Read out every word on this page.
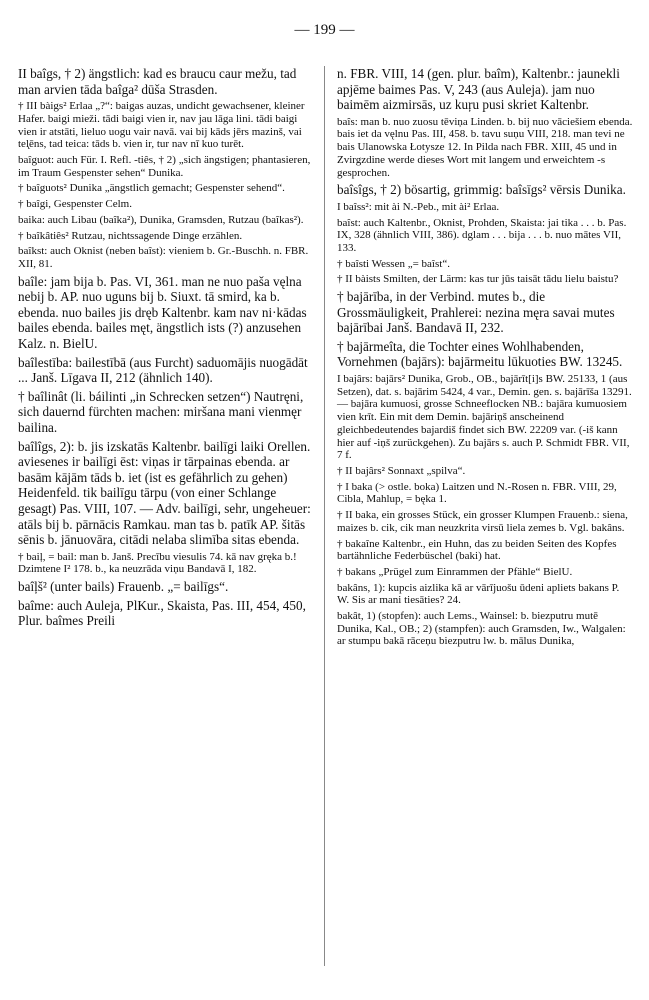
— 199 —

II baîgs, † 2) ängstlich: kad es braucu caur mežu, tad man arvien tāda baîga² dūša Strasden.

† III bàigs² Erlaa „?“: baigas auzas, undicht gewachsener, kleiner Hafer. baigi mieži. tādi baigi vien ir, nav jau lāga lini. tādi baigi vien ir atstāti, lieluo uogu vair navā. vai bij kāds jērs mazinš, vai tel̨ēns, tad teica: tāds b. vien ir, tur nav nī kuo turēt.

baîguot: auch Für. I. Refl. -tiês, † 2) „sich ängstigen; phantasieren, im Traum Gespenster sehen“ Dunika.

† baîguots² Dunika „ängstlich gemacht; Gespenster sehend“.

† baîgi, Gespenster Celm.

baika: auch Libau (baîka²), Dunika, Gramsden, Rutzau (baîkas²).

† baîkâtiês² Rutzau, nichtssagende Dinge erzählen.

baîkst: auch Oknist (neben baîst): vieniem b. Gr.-Buschh. n. FBR. XII, 81.

baîle: jam bija b. Pas. VI, 361. man ne nuo paša vęlna nebij b. AP. nuo uguns bij b. Siuxt. tā smird, ka b. ebenda. nuo bailes jis dręb Kaltenbr. kam nav ni·kādas bailes ebenda. bailes męt, ängstlich ists (?) anzusehen Kalz. n. BielU.

baîlestība: bailestībā (aus Furcht) saduomājis nuogādāt ... Janš. Līgava II, 212 (ähnlich 140).

† baîlinât (li. báilinti „in Schrecken setzen“) Nautręni, sich dauernd fürchten machen: miršana mani vienmęr bailina.

baîlîgs, 2): b. jis izskatās Kaltenbr. bailīgi laiki Orellen. aviesenes ir bailīgi ēst: viņas ir tārpainas ebenda. ar basām kājām tāds b. iet (ist es gefährlich zu gehen) Heidenfeld. tik bailīgu tārpu (von einer Schlange gesagt) Pas. VIII, 107. — Adv. bailīgi, sehr, ungeheuer: atāls bij b. pārnācis Ramkau. man tas b. patīk AP. šitās sēnis b. jānuovāra, citādi nelaba slimība sitas ebenda.

† baiļ, = bail: man b. Janš. Precību viesulis 74. kā nav gręka b.! Dzimtene I² 178. b., ka neuzrāda viņu Bandavā I, 182.

baîļš² (unter bails) Frauenb. „= bailīgs“.

baîme: auch Auleja, PlKur., Skaista, Pas. III, 454, 450, Plur. baîmes Preili

n. FBR. VIII, 14 (gen. plur. baîm), Kaltenbr.: jaunekli apjēme baimes Pas. V, 243 (aus Auleja). jam nuo baimēm aizmirsās, uz kuŗu pusi skriet Kaltenbr.

baîs: man b. nuo zuosu tēviņa Linden. b. bij nuo vāciešiem ebenda. bais iet da vęlnu Pas. III, 458. b. tavu suņu VIII, 218. man tevi ne bais Ulanowska Łotysze 12. In Pilda nach FBR. XIII, 45 und in Zvirgzdine werde dieses Wort mit langem und erweichtem -s gesprochen.

baîsîgs, † 2) bösartig, grimmig: baîsīgs² vērsis Dunika.

I baîss²: mit ài N.-Peb., mit ài² Erlaa.

baîst: auch Kaltenbr., Oknist, Prohden, Skaista: jai tika . . . b. Pas. IX, 328 (ähnlich VIII, 386). dglam . . . bija . . . b. nuo mātes VII, 133.

† baîsti Wessen „= baîst“.

† II bàists Smilten, der Lärm: kas tur jūs taisāt tādu lielu baistu?

† bajārība, in der Verbind. mutes b., die Grossmäuligkeit, Prahlerei: nezina męra savai mutes bajārībai Janš. Bandavā II, 232.

† bajārmeîta, die Tochter eines Wohlhabenden, Vornehmen (bajārs): bajārmeitu lūkuoties BW. 13245.

I bajârs: bajārs² Dunika, Grob., OB., bajārīt[i]s BW. 25133, 1 (aus Setzen), dat. s. bajārim 5424, 4 var., Demin. gen. s. bajārīša 13291. — bajāra kumuosi, grosse Schneeflocken NB.: bajāra kumuosiem vien krīt. Ein mit dem Demin. bajāriņš anscheinend gleichbedeutendes bajardiš findet sich BW. 22209 var. (-iš kann hier auf -iņš zurückgehen). Zu bajārs s. auch P. Schmidt FBR. VII, 7 f.

† II bajârs² Sonnaxt „spilva“.

† I baka (> ostle. boka) Laitzen und N.-Rosen n. FBR. VIII, 29, Cibla, Mahlup, = bęka 1.

† II baka, ein grosses Stück, ein grosser Klumpen Frauenb.: siena, maizes b. cik, cik man neuzkrita virsū liela zemes b. Vgl. bakâns.

† bakaîne Kaltenbr., ein Huhn, das zu beiden Seiten des Kopfes bartähnliche Federbüschel (baki) hat.

† bakans „Prügel zum Einrammen der Pfähle“ BielU.

bakâns, 1): kupcis aizlika kā ar vārījuošu ūdeni apliets bakans P. W. Sis ar mani tiesāties? 24.

bakât, 1) (stopfen): auch Lems., Wainsel: b. biezputru mutē Dunika, Kal., OB.; 2) (stampfen): auch Gramsden, Iw., Walgalen: ar stumpu bakā rāceņu biezputru lw. b. mālus Dunika,
